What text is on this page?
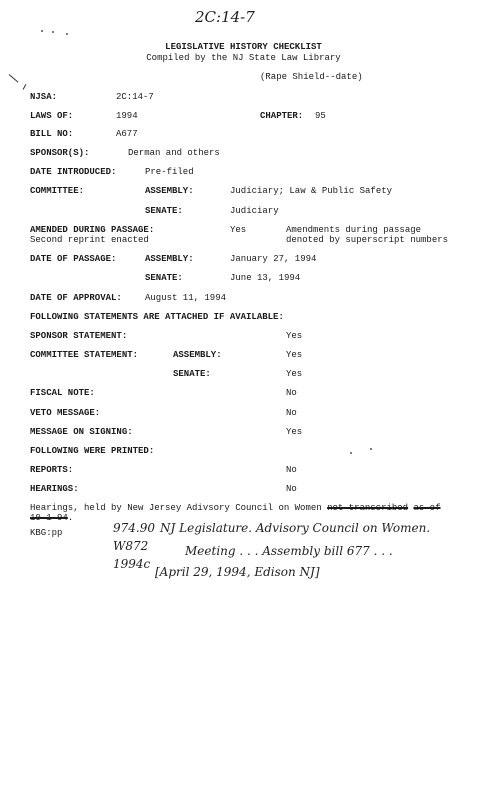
2C:14-7
LEGISLATIVE HISTORY CHECKLIST
Compiled by the NJ State Law Library
(Rape Shield--date)
NJSA:	2C:14-7
LAWS OF:	1994	CHAPTER: 95
BILL NO:	A677
SPONSOR(S):	Derman and others
DATE INTRODUCED:	Pre-filed
COMMITTEE:	ASSEMBLY:	Judiciary; Law & Public Safety
SENATE:	Judiciary
AMENDED DURING PASSAGE:	Yes	Amendments during passage
denoted by superscript numbers
Second reprint enacted
DATE OF PASSAGE:	ASSEMBLY:	January 27, 1994
SENATE:	June 13, 1994
DATE OF APPROVAL:	August 11, 1994
FOLLOWING STATEMENTS ARE ATTACHED IF AVAILABLE:
SPONSOR STATEMENT:	Yes
COMMITTEE STATEMENT:	ASSEMBLY:	Yes
SENATE:	Yes
FISCAL NOTE:	No
VETO MESSAGE:	No
MESSAGE ON SIGNING:	Yes
FOLLOWING WERE PRINTED:
REPORTS:	No
HEARINGS:	No
Hearings, held by New Jersey Adivsory Council on Women not transcribed as of
10-1-94.
KBG:pp	974.90
W872
1994c
NJ Legislature. Advisory Council on Women.
Meeting . . . Assembly bill 677 . . .
[April 29, 1994, Edison NJ]
